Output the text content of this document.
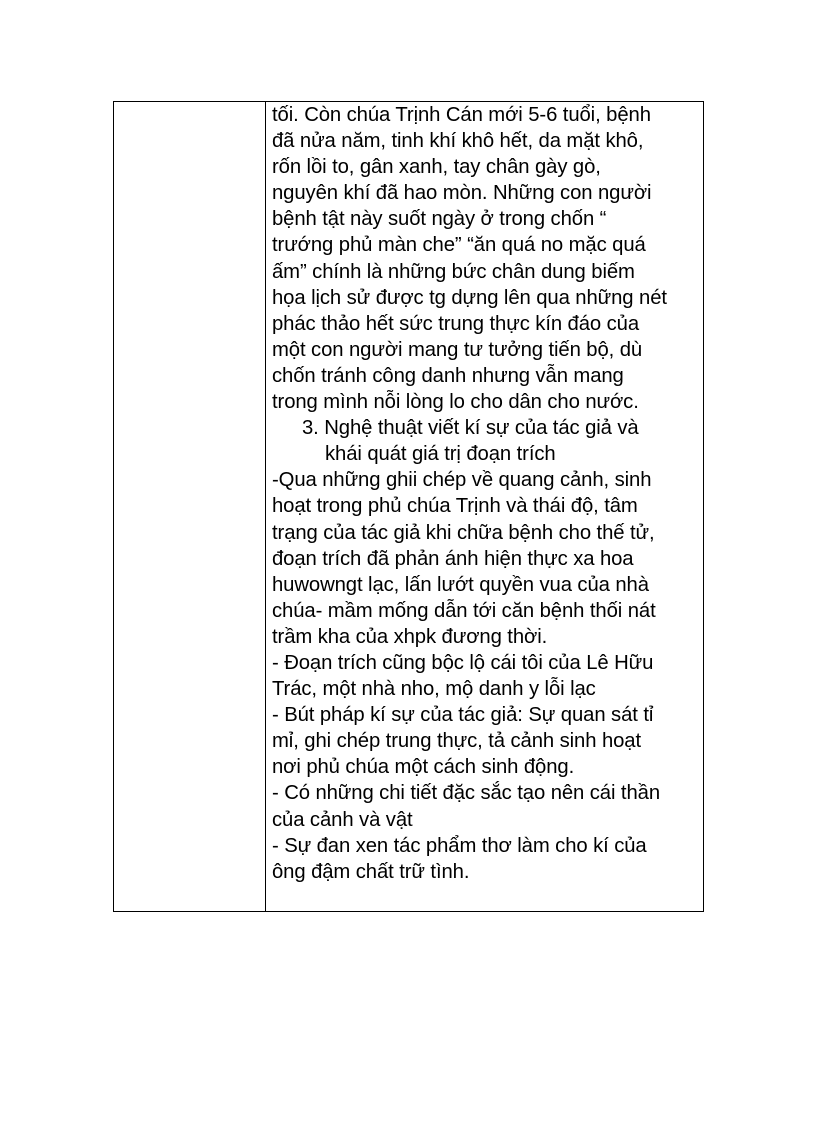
tối. Còn chúa Trịnh Cán mới 5-6 tuổi, bệnh
đã nửa năm, tinh khí khô hết, da mặt khô,
rốn lồi to, gân xanh, tay chân gày gò,
nguyên khí đã hao mòn. Những con người
bệnh tật này suốt ngày ở trong chốn “
trướng phủ màn che” “ăn quá no mặc quá
ấm” chính là những bức chân dung biếm
họa lịch sử được tg dựng lên qua những nét
phác thảo hết sức trung thực kín đáo của
một con người mang tư tưởng tiến bộ, dù
chốn tránh công danh nhưng vẫn mang
trong mình nỗi lòng lo cho dân cho nước.
3. Nghệ thuật viết kí sự của tác giả và
khái quát giá trị đoạn trích
-Qua những ghii chép về quang cảnh, sinh
hoạt trong phủ chúa Trịnh và thái độ, tâm
trạng của tác giả khi chữa bệnh cho thế tử,
đoạn trích đã phản ánh hiện thực xa hoa
huwowngt lạc, lấn lướt quyền vua của nhà
chúa- mầm mống dẫn tới căn bệnh thối nát
trầm kha của xhpk đương thời.
- Đoạn trích cũng bộc lộ cái tôi của Lê Hữu
Trác, một nhà nho, mộ danh y lỗi lạc
- Bút pháp kí sự của tác giả: Sự quan sát tỉ
mỉ, ghi chép trung thực, tả cảnh sinh hoạt
nơi phủ chúa một cách sinh động.
- Có những chi tiết đặc sắc tạo nên cái thần
của cảnh và vật
- Sự đan xen tác phẩm thơ làm cho kí của
ông đậm chất trữ tình.
